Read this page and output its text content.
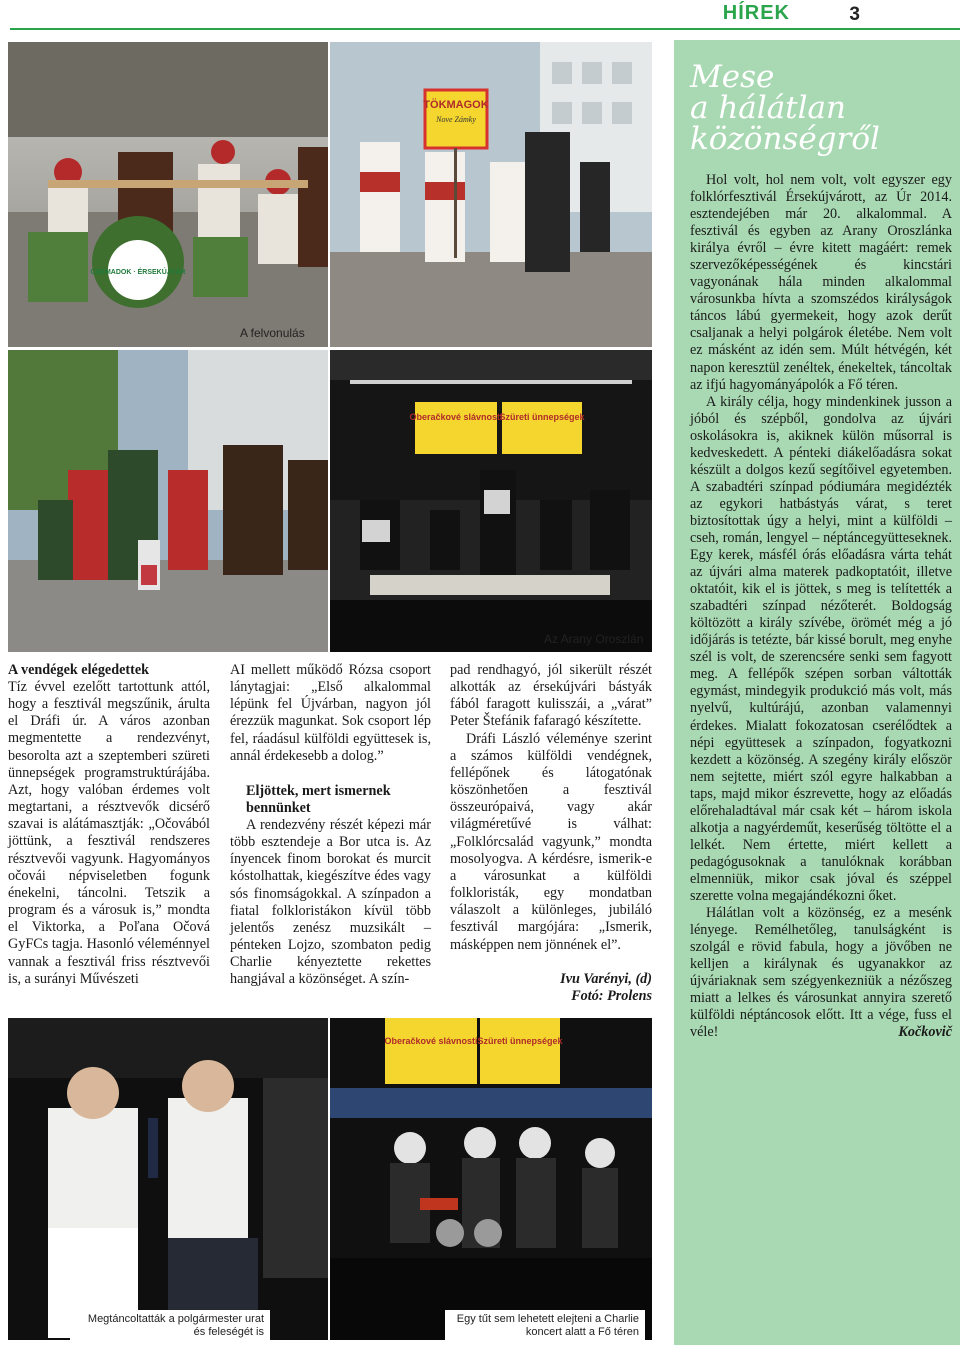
HÍREK	3
CSEMADOK · ÉRSEKÚJVÁR
TÖKMAGOK
Nove Zámky
A felvonulás
Oberačkové slávnosti
Szüreti ünnepségek
Az Arany Oroszlán

A vendégek elégedettek

Tíz évvel ezelőtt tartottunk attól, hogy a fesztivál megszűnik, árulta el Dráfi úr. A város azonban megmentette a rendezvényt, besorolta azt a szeptemberi szüreti ünnepségek programstruktúrájába. Azt, hogy valóban érdemes volt megtartani, a résztvevők dicsérő szavai is alátámasztják: „Očovából jöttünk, a fesztivál rendszeres résztvevői vagyunk. Hagyományos očovái népviseletben fogunk énekelni, táncolni. Tetszik a program és a városuk is,” mondta el Viktorka, a Poľana Očová GyFCs tagja. Hasonló véleménnyel vannak a fesztivál friss résztvevői is, a surányi Művészeti

AI mellett működő Rózsa csoport lánytagjai: „Első alkalommal lépünk fel Újvárban, nagyon jól érezzük magunkat. Sok csoport lép fel, ráadásul külföldi együttesek is, annál érdekesebb a dolog.”

Eljöttek, mert ismernek bennünket

A rendezvény részét képezi már több esztendeje a Bor utca is. Az ínyencek finom borokat és murcit kóstolhattak, kiegészítve édes vagy sós finomságokkal. A színpadon a fiatal folkloristákon kívül több jelentős zenész muzsikált – pénteken Lojzo, szombaton pedig Charlie kényeztette rekettes hangjával a közönséget. A szín-

pad rendhagyó, jól sikerült részét alkották az érsekújvári bástyák fából faragott kulisszái, a „várat” Peter Štefánik fafaragó készítette.

Dráfi László véleménye szerint a számos külföldi vendégnek, fellépőnek és látogatónak köszönhetően a fesztivál összeurópaivá, vagy akár világméretűvé is válhat: „Folklórcsalád vagyunk,” mondta mosolyogva. A kérdésre, ismerik-e a városunkat a külföldi folkloristák, egy mondatban válaszolt a különleges, jubiláló fesztivál margójára: „Ismerik, másképpen nem jönnének el”.

Ivu Varényi, (d)

Fotó: Prolens

Megtáncoltatták a polgármester urat
és feleségét is
Oberačkové slávnosti Szüreti ünnepségek
Egy tűt sem lehetett elejteni a Charlie
koncert alatt a Fő téren
Mese
a hálátlan
közönségről

Hol volt, hol nem volt, volt egyszer egy folklórfesztivál Érsekújvárott, az Úr 2014. esztendejében már 20. alkalommal. A fesztivál és egyben az Arany Oroszlánka királya évről – évre kitett magáért: remek szervezőképességének és kincstári vagyonának hála minden alkalommal városunkba hívta a szomszédos királyságok táncos lábú gyermekeit, hogy azok derűt csaljanak a helyi polgárok életébe. Nem volt ez másként az idén sem. Múlt hétvégén, két napon keresztül zenéltek, énekeltek, táncoltak az ifjú hagyományápolók a Fő téren.

A király célja, hogy mindenkinek jusson a jóból és szépből, gondolva az újvári oskolásokra is, akiknek külön műsorral is kedveskedett. A pénteki diákelőadásra sokat készült a dolgos kezű segítőivel egyetemben. A szabadtéri színpad pódiumára megidézték az egykori hatbástyás várat, s teret biztosítottak úgy a helyi, mint a külföldi – cseh, román, lengyel – néptáncegyütteseknek. Egy kerek, másfél órás előadásra várta tehát az újvári alma materek padkoptatóit, illetve oktatóit, kik el is jöttek, s meg is telítették a szabadtéri színpad nézőterét. Boldogság költözött a király szívébe, örömét még a jó időjárás is tetézte, bár kissé borult, meg enyhe szél is volt, de szerencsére senki sem fagyott meg. A fellépők szépen sorban váltották egymást, mindegyik produkció más volt, más nyelvű, kultúrájú, azonban valamennyi érdekes. Mialatt fokozatosan cserélődtek a népi együttesek a színpadon, fogyatkozni kezdett a közönség. A szegény király először nem sejtette, miért szól egyre halkabban a taps, majd mikor észrevette, hogy az előadás előrehaladtával már csak két – három iskola alkotja a nagyérdeműt, keserűség töltötte el a lelkét. Nem értette, miért kellett a pedagógusoknak a tanulóknak korábban elmenniük, mikor csak jóval és széppel szerette volna megajándékozni őket.

Hálátlan volt a közönség, ez a mesénk lényege. Remélhetőleg, tanulságként is szolgál e rövid fabula, hogy a jövőben ne kelljen a királynak és ugyanakkor az újváriaknak sem szégyenkezniük a nézőszeg miatt a lelkes és városunkat annyira szerető külföldi néptáncosok előtt. Itt a vége, fuss el véle!	Kočkovič
